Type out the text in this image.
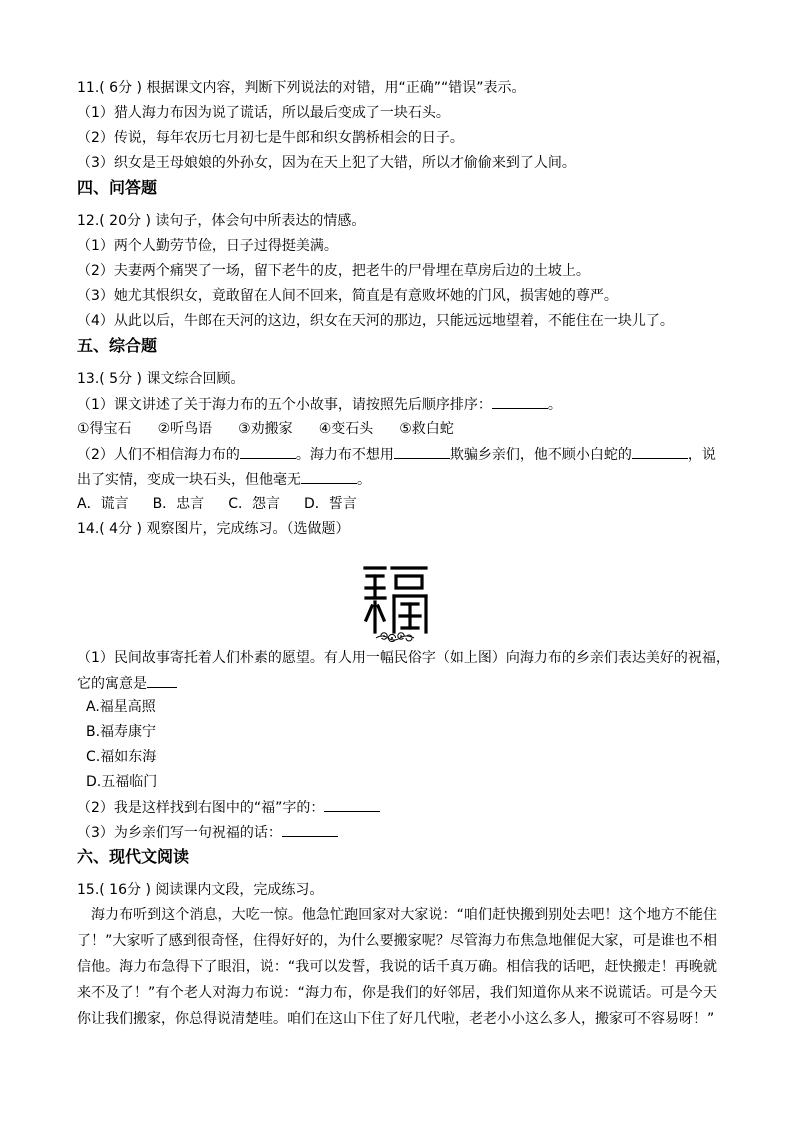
11.( 6分 ) 根据课文内容，判断下列说法的对错，用“正确”“错误”表示。
（1）猎人海力布因为说了谎话，所以最后变成了一块石头。
（2）传说，每年农历七月初七是牛郎和织女鹊桥相会的日子。
（3）织女是王母娘娘的外孙女，因为在天上犯了大错，所以才偷偷来到了人间。
四、问答题
12.( 20分 ) 读句子，体会句中所表达的情感。
（1）两个人勤劳节俭，日子过得挺美满。
（2）夫妻两个痛哭了一场，留下老牛的皮，把老牛的尸骨埋在草房后边的土坡上。
（3）她尤其恨织女，竟敢留在人间不回来，简直是有意败坏她的门风，损害她的尊严。
（4）从此以后，牛郎在天河的这边，织女在天河的那边，只能远远地望着，不能住在一块儿了。
五、综合题
13.( 5分 ) 课文综合回顾。
（1）课文讲述了关于海力布的五个小故事，请按照先后顺序排序：	。
①得宝石 ②听鸟语 ③劝搬家 ④变石头 ⑤救白蛇
（2）人们不相信海力布的	。海力布不想用	欺骗乡亲们，他不顾小白蛇的	，说
出了实情，变成一块石头，但他毫无	。
A．谎言 B．忠言 C．怨言 D．誓言
14.( 4分 ) 观察图片，完成练习。（选做题）
（1）民间故事寄托着人们朴素的愿望。有人用一幅民俗字（如上图）向海力布的乡亲们表达美好的祝福，
它的寓意是
A.福星高照
B.福寿康宁
C.福如东海
D.五福临门
（2）我是这样找到右图中的“福”字的：
（3）为乡亲们写一句祝福的话：
六、现代文阅读
15.( 16分 ) 阅读课内文段，完成练习。
海力布听到这个消息，大吃一惊。他急忙跑回家对大家说：“咱们赶快搬到别处去吧！这个地方不能住了！”大家听了感到很奇怪，住得好好的，为什么要搬家呢？尽管海力布焦急地催促大家，可是谁也不相信他。海力布急得下了眼泪，说：“我可以发誓，我说的话千真万确。相信我的话吧，赶快搬走！再晚就来不及了！”有个老人对海力布说：“海力布，你是我们的好邻居，我们知道你从来不说谎话。可是今天你让我们搬家，你总得说清楚哇。咱们在这山下住了好几代啦，老老小小这么多人，搬家可不容易呀！”
